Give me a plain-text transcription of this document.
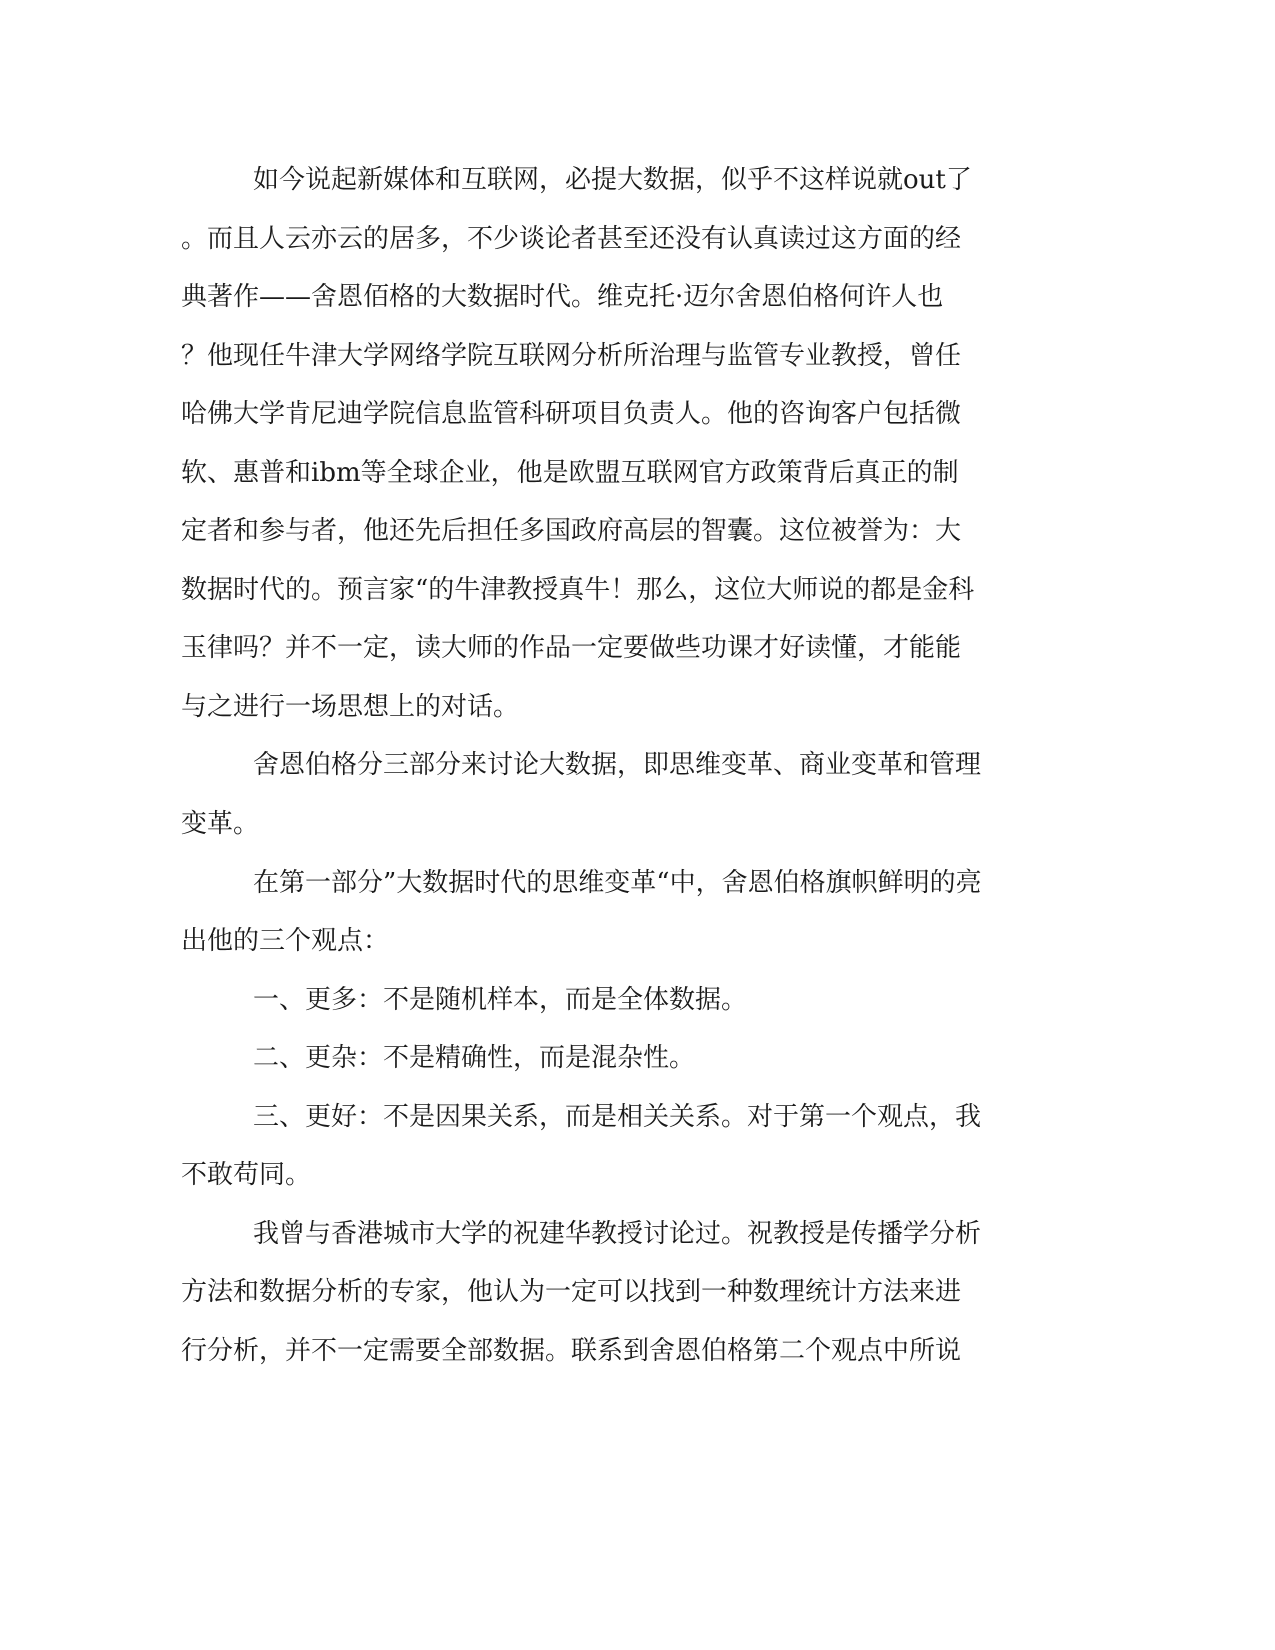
如今说起新媒体和互联网，必提大数据，似乎不这样说就out了

。而且人云亦云的居多，不少谈论者甚至还没有认真读过这方面的经

典著作——舍恩佰格的大数据时代。维克托·迈尔舍恩伯格何许人也

？他现任牛津大学网络学院互联网分析所治理与监管专业教授，曾任

哈佛大学肯尼迪学院信息监管科研项目负责人。他的咨询客户包括微

软、惠普和ibm等全球企业，他是欧盟互联网官方政策背后真正的制

定者和参与者，他还先后担任多国政府高层的智囊。这位被誉为：大

数据时代的。预言家“的牛津教授真牛！那么，这位大师说的都是金科

玉律吗？并不一定，读大师的作品一定要做些功课才好读懂，才能能

与之进行一场思想上的对话。

舍恩伯格分三部分来讨论大数据，即思维变革、商业变革和管理

变革。

在第一部分”大数据时代的思维变革“中，舍恩伯格旗帜鲜明的亮

出他的三个观点：

一、更多：不是随机样本，而是全体数据。

二、更杂：不是精确性，而是混杂性。

三、更好：不是因果关系，而是相关关系。对于第一个观点，我

不敢苟同。

我曾与香港城市大学的祝建华教授讨论过。祝教授是传播学分析

方法和数据分析的专家，他认为一定可以找到一种数理统计方法来进

行分析，并不一定需要全部数据。联系到舍恩伯格第二个观点中所说
